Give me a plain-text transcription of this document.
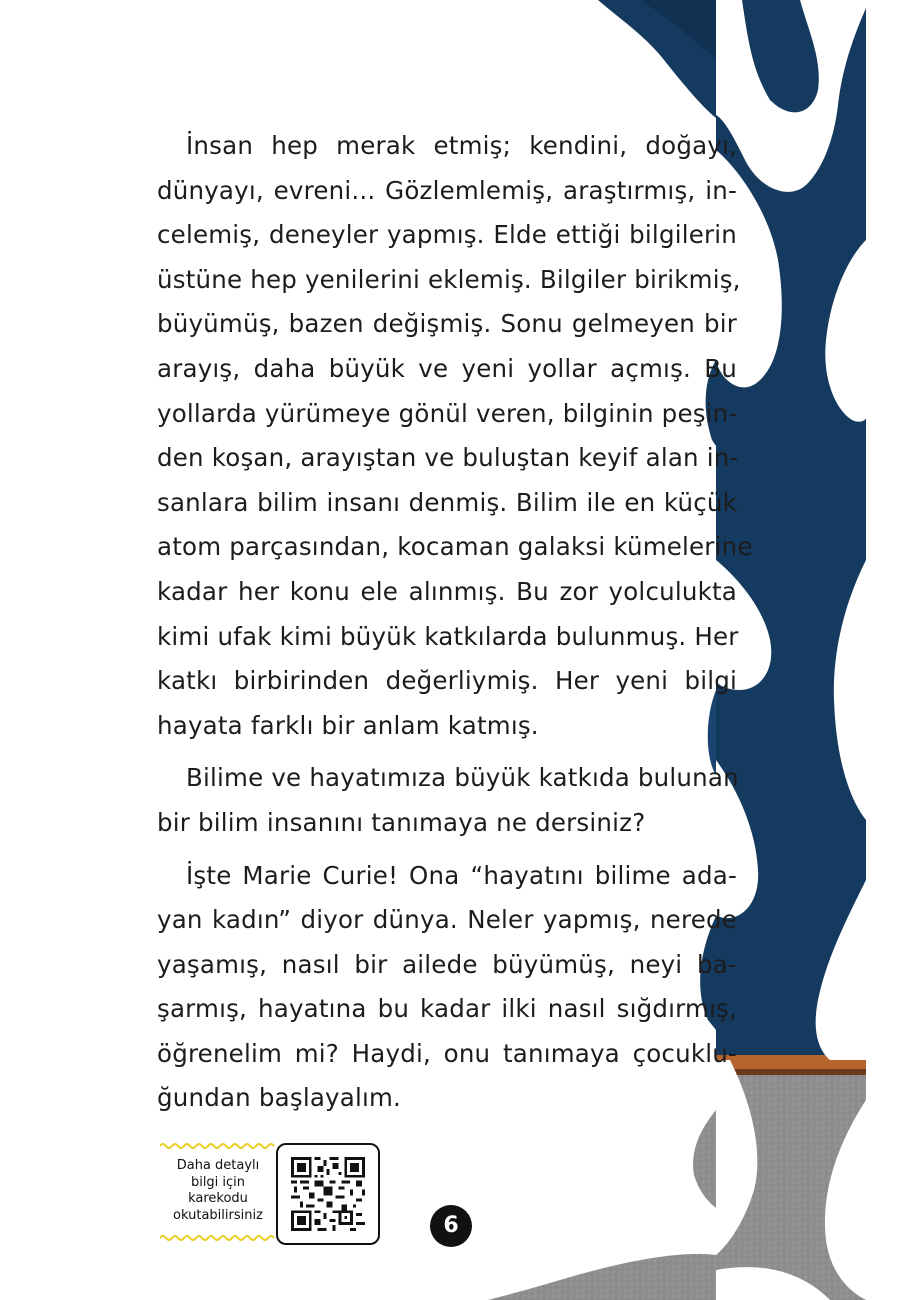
İnsan hep merak etmiş; kendini, doğayı,
dünyayı, evreni... Gözlemlemiş, araştırmış, in-
celemiş, deneyler yapmış. Elde ettiği bilgilerin
üstüne hep yenilerini eklemiş. Bilgiler birikmiş,
büyümüş, bazen değişmiş. Sonu gelmeyen bir
arayış, daha büyük ve yeni yollar açmış. Bu
yollarda yürümeye gönül veren, bilginin peşin-
den koşan, arayıştan ve buluştan keyif alan in-
sanlara bilim insanı denmiş. Bilim ile en küçük
atom parçasından, kocaman galaksi kümelerine
kadar her konu ele alınmış. Bu zor yolculukta
kimi ufak kimi büyük katkılarda bulunmuş. Her
katkı birbirinden değerliymiş. Her yeni bilgi
hayata farklı bir anlam katmış.
Bilime ve hayatımıza büyük katkıda bulunan
bir bilim insanını tanımaya ne dersiniz?
İşte Marie Curie! Ona “hayatını bilime ada-
yan kadın” diyor dünya. Neler yapmış, nerede
yaşamış, nasıl bir ailede büyümüş, neyi ba-
şarmış, hayatına bu kadar ilki nasıl sığdırmış,
öğrenelim mi? Haydi, onu tanımaya çocuklu-
ğundan başlayalım.
Daha detaylı
bilgi için
karekodu
okutabilirsiniz	6
